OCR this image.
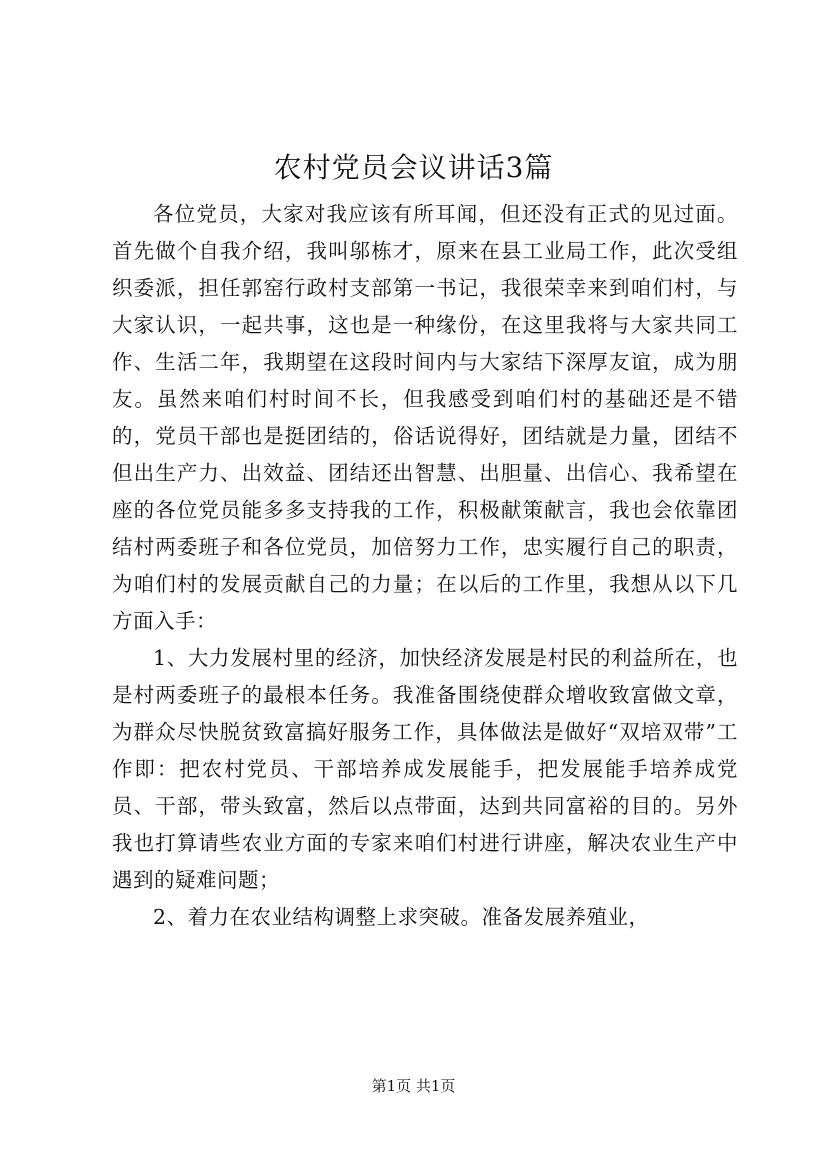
农村党员会议讲话3篇

各位党员，大家对我应该有所耳闻，但还没有正式的见过面。首先做个自我介绍，我叫邬栋才，原来在县工业局工作，此次受组织委派，担任郭窑行政村支部第一书记，我很荣幸来到咱们村，与大家认识，一起共事，这也是一种缘份，在这里我将与大家共同工作、生活二年，我期望在这段时间内与大家结下深厚友谊，成为朋友。虽然来咱们村时间不长，但我感受到咱们村的基础还是不错的，党员干部也是挺团结的，俗话说得好，团结就是力量，团结不但出生产力、出效益、团结还出智慧、出胆量、出信心、我希望在座的各位党员能多多支持我的工作，积极献策献言，我也会依靠团结村两委班子和各位党员，加倍努力工作，忠实履行自己的职责，为咱们村的发展贡献自己的力量；在以后的工作里，我想从以下几方面入手：

1、大力发展村里的经济，加快经济发展是村民的利益所在，也是村两委班子的最根本任务。我准备围绕使群众增收致富做文章，为群众尽快脱贫致富搞好服务工作，具体做法是做好“双培双带”工作即：把农村党员、干部培养成发展能手，把发展能手培养成党员、干部，带头致富，然后以点带面，达到共同富裕的目的。另外我也打算请些农业方面的专家来咱们村进行讲座，解决农业生产中遇到的疑难问题；

2、着力在农业结构调整上求突破。准备发展养殖业，

第1页 共1页
